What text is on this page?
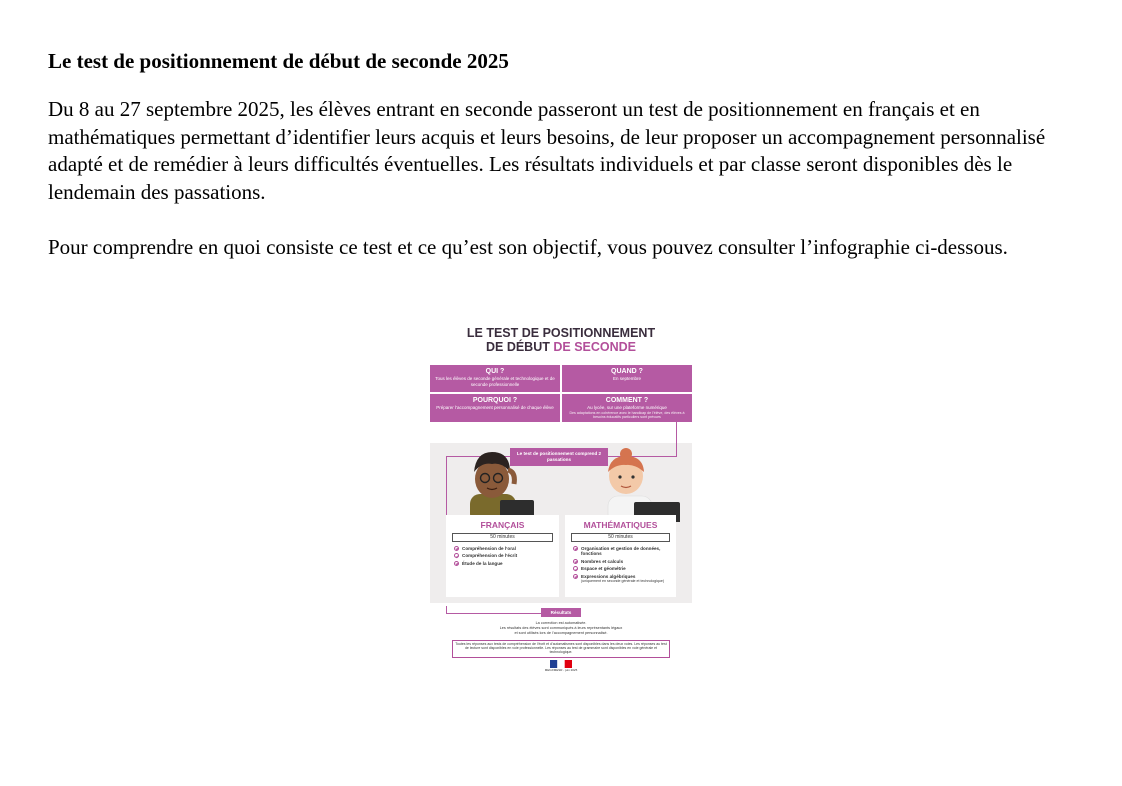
Le test de positionnement de début de seconde 2025

Du 8 au 27 septembre 2025, les élèves entrant en seconde passeront un test de positionnement en français et en mathématiques permettant d’identifier leurs acquis et leurs besoins, de leur proposer un accompagnement personnalisé adapté et de remédier à leurs difficultés éventuelles. Les résultats individuels et par classe seront disponibles dès le lendemain des passations.

Pour comprendre en quoi consiste ce test et ce qu’est son objectif, vous pouvez consulter l’infographie ci-dessous.

LE TEST DE POSITIONNEMENT
DE DÉBUT DE SECONDE
QUI ?
Tous les élèves de seconde générale et technologique et de seconde professionnelle
QUAND ?
En septembre
POURQUOI ?
Préparer l’accompagnement personnalisé de chaque élève
COMMENT ?
Au lycée, sur une plateforme numérique
Des adaptations en cohérence avec le handicap de l’élève, des élèves à besoins éducatifs particuliers sont prévues
Le test de positionnement comprend 2 passations
FRANÇAIS
50 minutes
Compréhension de l’oral
Compréhension de l’écrit
Étude de la langue
MATHÉMATIQUES
50 minutes
Organisation et gestion de données, fonctions
Nombres et calculs
Espace et géométrie
Expressions algébriques
(uniquement en seconde générale et technologique)
Résultats
La correction est automatisée.
Les résultats des élèves sont communiqués à leurs représentants légaux
et sont utilisés lors de l’accompagnement personnalisé.
Toutes les réponses aux tests de compréhension de l’écrit et d’automatismes sont disponibles dans les deux voies. Les réponses au test de lecture sont disponibles en voie professionnelle. Les réponses au test de grammaire sont disponibles en voie générale et technologique.
MENJ/MESR - juin 2025
